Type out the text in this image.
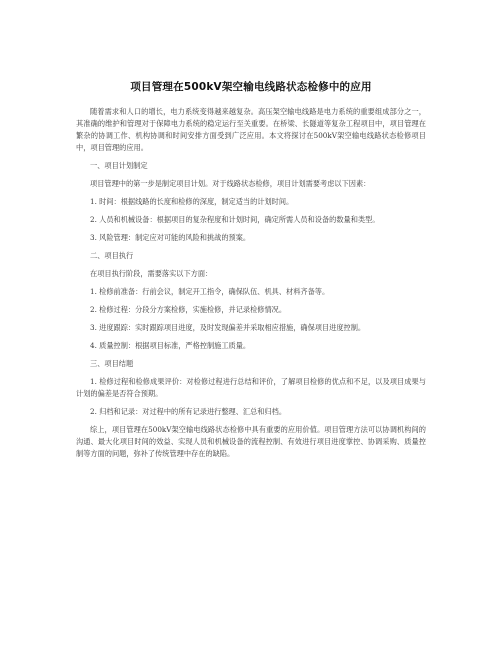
项目管理在500kV架空输电线路状态检修中的应用

随着需求和人口的增长，电力系统变得越来越复杂。高压架空输电线路是电力系统的重要组成部分之一，其准确的维护和管理对于保障电力系统的稳定运行至关重要。在桥梁、长隧道等复杂工程项目中，项目管理在繁杂的协调工作、机构协调和时间安排方面受到广泛应用。本文将探讨在500kV架空输电线路状态检修项目中，项目管理的应用。

一、项目计划制定

项目管理中的第一步是制定项目计划。对于线路状态检修，项目计划需要考虑以下因素：

1. 时间：根据线路的长度和检修的深度，制定适当的计划时间。

2. 人员和机械设备：根据项目的复杂程度和计划时间，确定所需人员和设备的数量和类型。

3. 风险管理：制定应对可能的风险和挑战的预案。

二、项目执行

在项目执行阶段，需要落实以下方面：

1. 检修前准备：行前会议，制定开工指令，确保队伍、机具、材料齐备等。

2. 检修过程：分段分方案检修，实施检修，并记录检修情况。

3. 进度跟踪：实时跟踪项目进度，及时发现偏差并采取相应措施，确保项目进度控制。

4. 质量控制：根据项目标准，严格控制施工质量。

三、项目结题

1. 检修过程和检修成果评价：对检修过程进行总结和评价，了解项目检修的优点和不足，以及项目成果与计划的偏差是否符合预期。

2. 归档和记录：对过程中的所有记录进行整理、汇总和归档。

综上，项目管理在500kV架空输电线路状态检修中具有重要的应用价值。项目管理方法可以协调机构间的沟通、最大化项目时间的效益、实现人员和机械设备的流程控制、有效进行项目进度掌控、协调采购、质量控制等方面的问题，弥补了传统管理中存在的缺陷。
